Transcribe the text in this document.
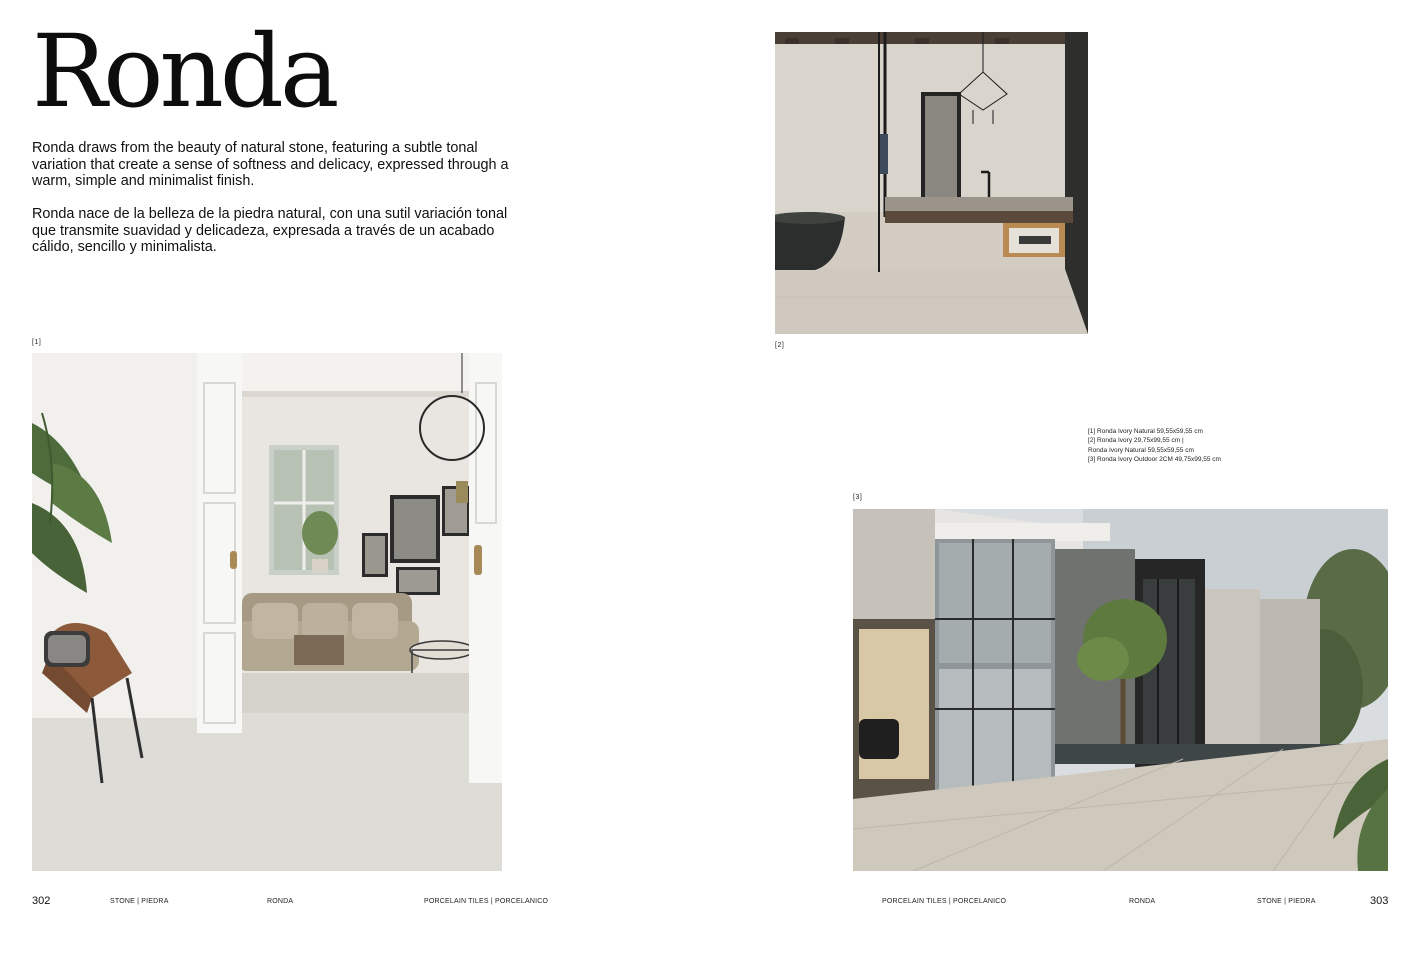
Ronda

Ronda draws from the beauty of natural stone, featuring a subtle tonal variation that create a sense of softness and delicacy, expressed through a warm, simple and minimalist finish.

Ronda nace de la belleza de la piedra natural, con una sutil variación tonal que transmite suavidad y delicadeza, expresada a través de un acabado cálido, sencillo y minimalista.

[1]	[2]
[1] Ronda Ivory Natural 59,55x59,55 cm
[2] Ronda Ivory 29,75x99,55 cm |
Ronda Ivory Natural 59,55x59,55 cm
[3] Ronda Ivory Outdoor 2CM 49,75x99,55 cm
[3]
302	STONE | PIEDRA	RONDA	PORCELAIN TILES | PORCELANICO	PORCELAIN TILES | PORCELANICO	RONDA	STONE | PIEDRA	303
